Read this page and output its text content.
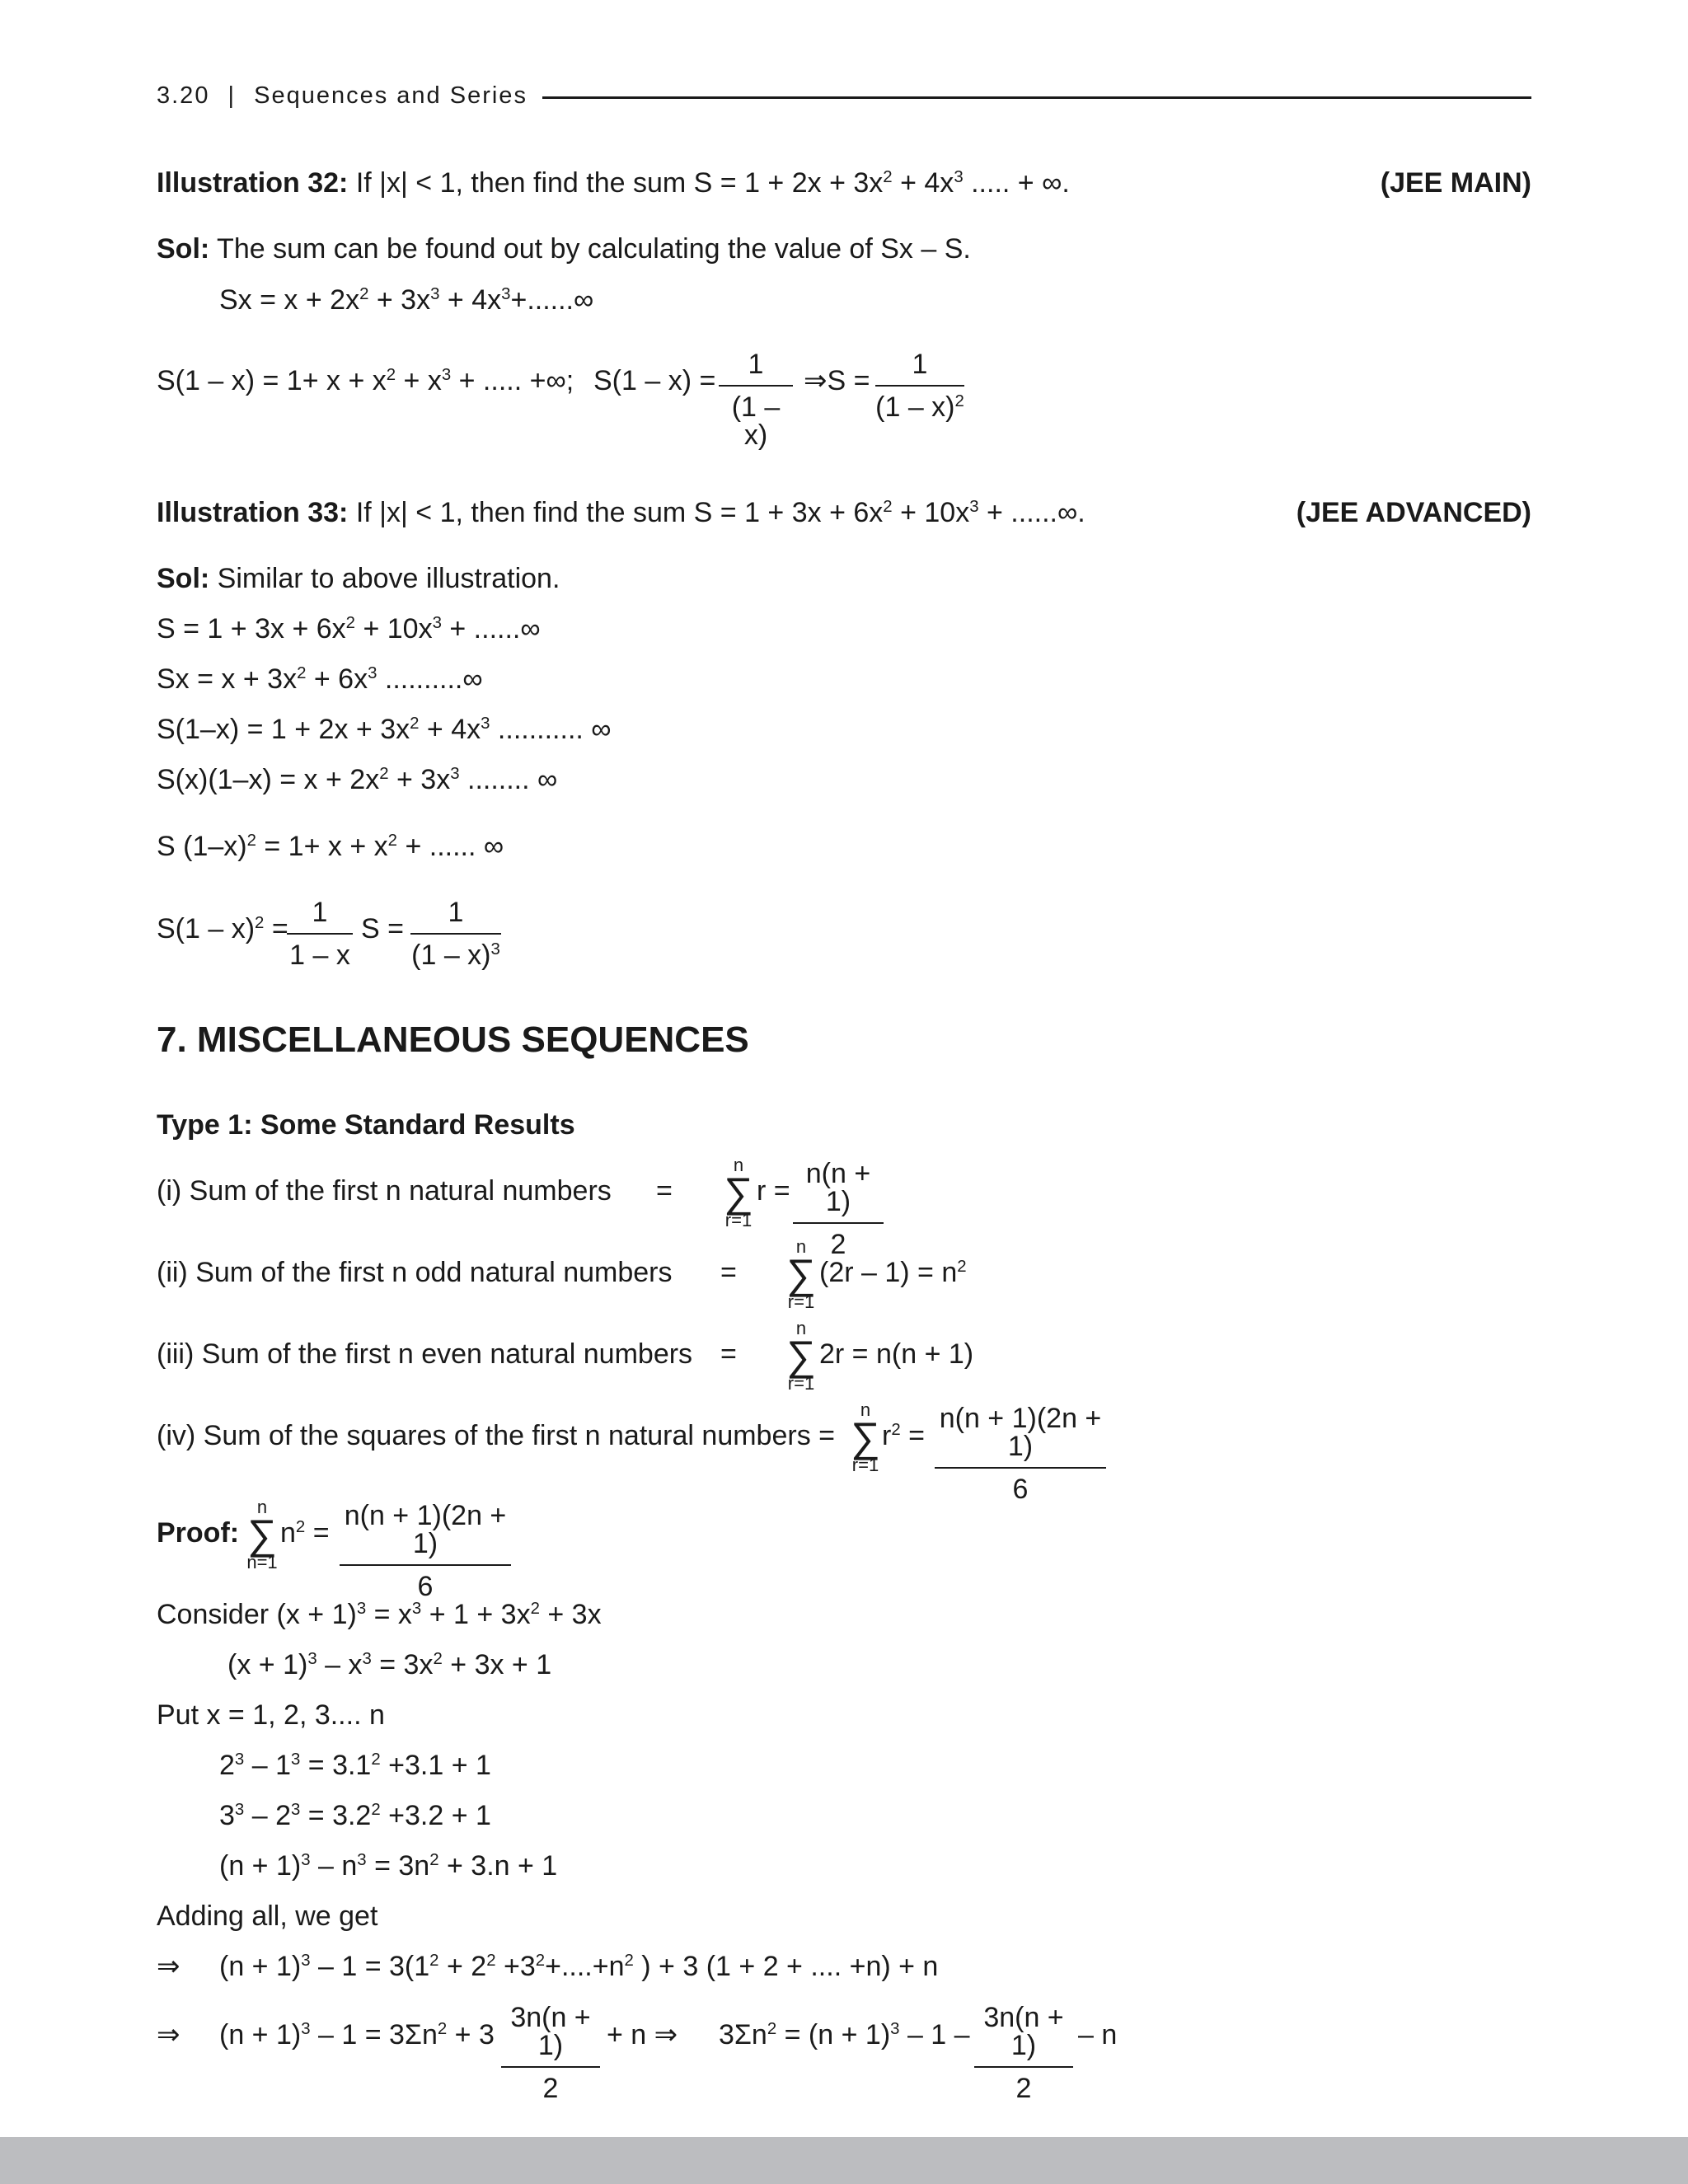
3.20 | Sequences and Series
Illustration 32: If |x| < 1, then find the sum $S = 1 + 2x + 3x^2 + 4x^3$ ..... + ∞.	(JEE MAIN)
Sol: The sum can be found out by calculating the value of Sx – S.
$Sx = x + 2x^2 + 3x^3 + 4x^3+......\infty$
$S(1 - x) = 1+ x + x^2 + x^3$ + ..... +∞; S(1 – x) =
1
(1 – x)
⇒S =
1
(1 – x)$^2$
Illustration 33: If |x| < 1, then find the sum $S = 1 + 3x + 6x^2 + 10x^3$ + ......∞.	(JEE ADVANCED)
Sol: Similar to above illustration.
$S = 1 + 3x + 6x^2 + 10x^3$ + ......∞
$Sx = x + 3x^2 + 6x^3$ ..........∞
$S(1-x) = 1 + 2x + 3x^2 + 4x^3$ ........... ∞
$S(x)(1-x) = x + 2x^2 + 3x^3$ ........ ∞
S $(1-x)^2 = 1+ x + x^2$ + ...... ∞
S(1 – x)$^2$ =
1
1 – x
S =
1
(1 – x)$^3$
7. MISCELLANEOUS SEQUENCES
Type 1: Some Standard Results
(i) Sum of the first n natural numbers =
n
∑
r=1
r =
n(n + 1)
2
(ii) Sum of the first n odd natural numbers =
n
∑
r=1
$(2r - 1) = n^2$
(iii) Sum of the first n even natural numbers =
n
∑
r=1
2r = n(n + 1)
(iv) Sum of the squares of the first n natural numbers =
n
∑
r=1
$r^2$ =
n(n + 1)(2n + 1)
6
Proof:
n
∑
n=1
$n^2$ =
n(n + 1)(2n + 1)
6
Consider $(x + 1)^3 = x^3 + 1 + 3x^2 + 3x$
$(x + 1)^3 - x^3 = 3x^2 + 3x + 1$
Put x = 1, 2, 3.... n
$2^3 - 1^3 = 3.1^2 +3.1 + 1$
$3^3 - 2^3 = 3.2^2 +3.2 + 1$
$(n + 1)^3 - n^3 = 3n^2 + 3.n + 1$
Adding all, we get
⇒ $(n + 1)^3 - 1 = 3(1^2 + 2^2 +3^2+....+n^2$ ) + 3 (1 + 2 + .... +n) + n
⇒ $(n + 1)^3 - 1 = 3\Sigma n^2 + 3$
3n(n + 1)
2
+ n ⇒ $3\Sigma n^2 = (n + 1)^3 - 1$ –
3n(n + 1)
2
– n
